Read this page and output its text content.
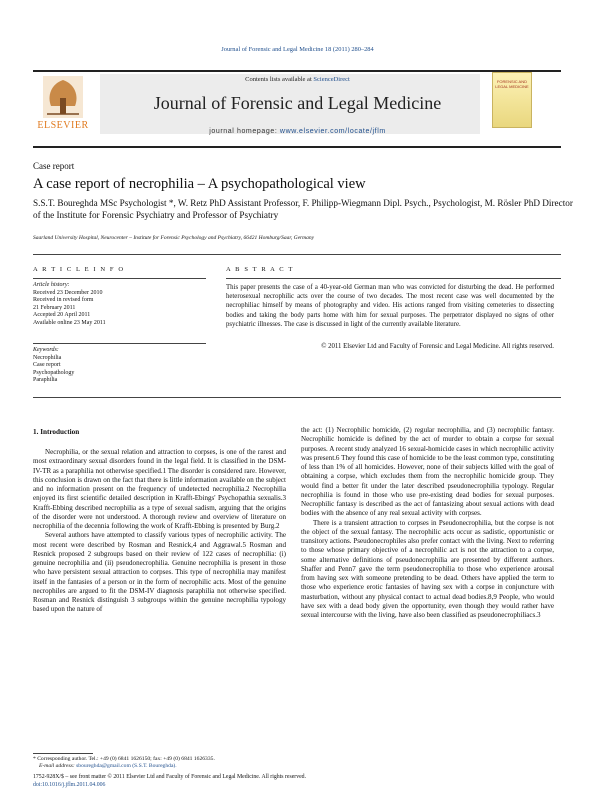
Journal of Forensic and Legal Medicine 18 (2011) 280–284
Contents lists available at ScienceDirect
Journal of Forensic and Legal Medicine
journal homepage: www.elsevier.com/locate/jflm
ELSEVIER
FORENSIC AND LEGAL MEDICINE
Case report
A case report of necrophilia – A psychopathological view
S.S.T. Boureghda MSc Psychologist *, W. Retz PhD Assistant Professor, F. Philipp-Wiegmann Dipl. Psych., Psychologist, M. Rösler PhD Director of the Institute for Forensic Psychiatry and Professor of Psychiatry
Saarland University Hospital, Neurocenter – Institute for Forensic Psychology and Psychiatry, 66421 Homburg/Saar, Germany
A R T I C L E I N F O
Article history:
Received 23 December 2010
Received in revised form
21 February 2011
Accepted 20 April 2011
Available online 23 May 2011
Keywords:
Necrophilia
Case report
Psychopathology
Paraphilia
A B S T R A C T
This paper presents the case of a 40-year-old German man who was convicted for disturbing the dead. He performed heterosexual necrophilic acts over the course of two decades. The most recent case was well documented by the necrophiliac himself by means of photography and video. His actions ranged from visiting cemeteries to dissecting bodies and taking the body parts home with him for sexual purposes. The perpetrator displayed no signs of other psychiatric illnesses. The case is discussed in light of the currently available literature.
© 2011 Elsevier Ltd and Faculty of Forensic and Legal Medicine. All rights reserved.
1. Introduction

Necrophilia, or the sexual relation and attraction to corpses, is one of the rarest and most extraordinary sexual disorders found in the legal field. It is classified in the DSM-IV-TR as a paraphilia not otherwise specified.1 The disorder is considered rare. However, this conclusion is drawn on the fact that there is little information available on the subject and no information present on the frequency of undetected necrophilia.2 Necrophilia enjoyed its first scientific detailed description in Krafft-Ebings' Psychopathia sexualis.3 Krafft-Ebbing described necrophilia as a type of sexual sadism, arguing that the origins of the disorder were not understood. A thorough review and overview of literature on necrophilia of the decennia following the work of Krafft-Ebbing is presented by Burg.2

Several authors have attempted to classify various types of necrophilic activity. The most recent were described by Rosman and Resnick,4 and Aggrawal.5 Rosman and Resnick proposed 2 subgroups based on their review of 122 cases of necrophilia: (i) genuine necrophilia and (ii) pseudonecrophilia. Genuine necrophilia is present in those who have persistent sexual attraction to corpses. This type of necrophilia may manifest itself in the fantasies of a person or in the form of necrophilic acts. Most of the genuine necrophiles are argued to fit the DSM-IV diagnosis paraphilia not otherwise specified. Rosman and Resnick distinguish 3 subgroups within the genuine necrophilia typology based upon the nature of

the act: (1) Necrophilic homicide, (2) regular necrophilia, and (3) necrophilic fantasy. Necrophilic homicide is defined by the act of murder to obtain a corpse for sexual purposes. A recent study analyzed 16 sexual-homicide cases in which necrophilic activity was present.6 They found this case of homicide to be the least common type, constituting of less than 1% of all homicides. However, none of their subjects killed with the goal of obtaining a corpse, which excludes them from the necrophilic homicide group. They would find a better fit under the later described pseudonecrophilia typology. Regular necrophilia is found in those who use pre-existing dead bodies for sexual purposes. Necrophilic fantasy is described as the act of fantasizing about sexual actions with dead bodies with the absence of any real sexual activity with corpses.

There is a transient attraction to corpses in Pseudonecrophilia, but the corpse is not the object of the sexual fantasy. The necrophilic acts occur as sadistic, opportunistic or transitory actions. Pseudonecrophiles also prefer contact with the living. Next to referring to those whose primary objective of a necrophilic act is not the attraction to a corpse, some alternative definitions of pseudonecrophilia are presented by different authors. Shaffer and Penn7 gave the term pseudonecrophilia to those who experience arousal from having sex with someone pretending to be dead. Others have applied the term to those who experience erotic fantasies of having sex with a corpse in conjuncture with masturbation, without any physical contact to actual dead bodies.8,9 People, who would have sex with a dead body given the opportunity, even though they would rather have sexual intercourse with the living, have also been classified as pseudonecrophiliacs.3

* Corresponding author. Tel.: +49 (0) 6841 1626150; fax: +49 (0) 6841 1626335.
E-mail address: sboureghda@gmail.com (S.S.T. Boureghda).
1752-928X/$ – see front matter © 2011 Elsevier Ltd and Faculty of Forensic and Legal Medicine. All rights reserved.
doi:10.1016/j.jflm.2011.04.006
